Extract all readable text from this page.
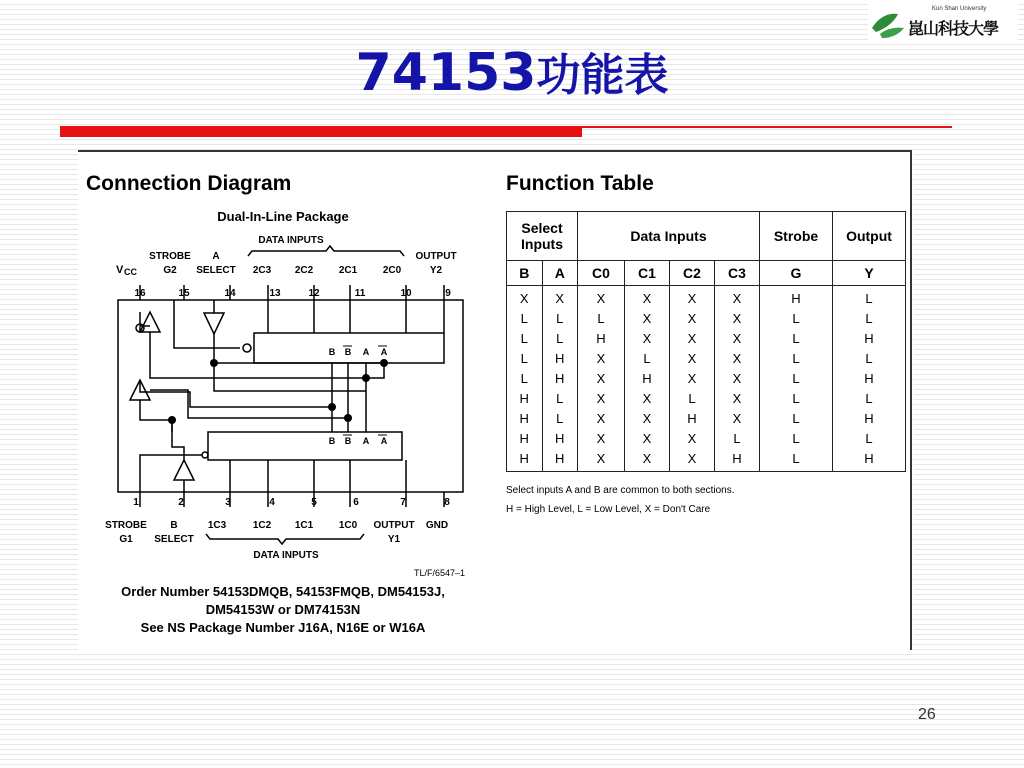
Kun Shan University
崑山科技大學
74153功能表
Connection Diagram
Dual-In-Line Package
DATA INPUTS
V CC
STROBE
G2
A
SELECT 2C3 2C2	2C1	2C0
OUTPUT
Y2
16	15	14	13	12	11	10	9
1	2	3	4	5	6	7	8
STROBE
G1
B
SELECT
1C3	1C2 1C1	1C0 OUTPUT
Y1
GND
DATA INPUTS
B B A A
B B A A
TL/F/6547–1
Order Number 54153DMQB, 54153FMQB, DM54153J,
DM54153W or DM74153N
See NS Package Number J16A, N16E or W16A
Function Table
Select Inputs		Data Inputs				Strobe	Output
B	A	C0	C1	C2	C3	G	Y
X	X	X	X	X	X	H	L
L	L	L	X	X	X	L	L
L	L	H	X	X	X	L	H
L	H	X	L	X	X	L	L
L	H	X	H	X	X	L	H
H	L	X	X	L	X	L	L
H	L	X	X	H	X	L	H
H	H	X	X	X	L	L	L
H	H	X	X	X	H	L	H
Select inputs A and B are common to both sections.
H = High Level, L = Low Level, X = Don't Care
26
